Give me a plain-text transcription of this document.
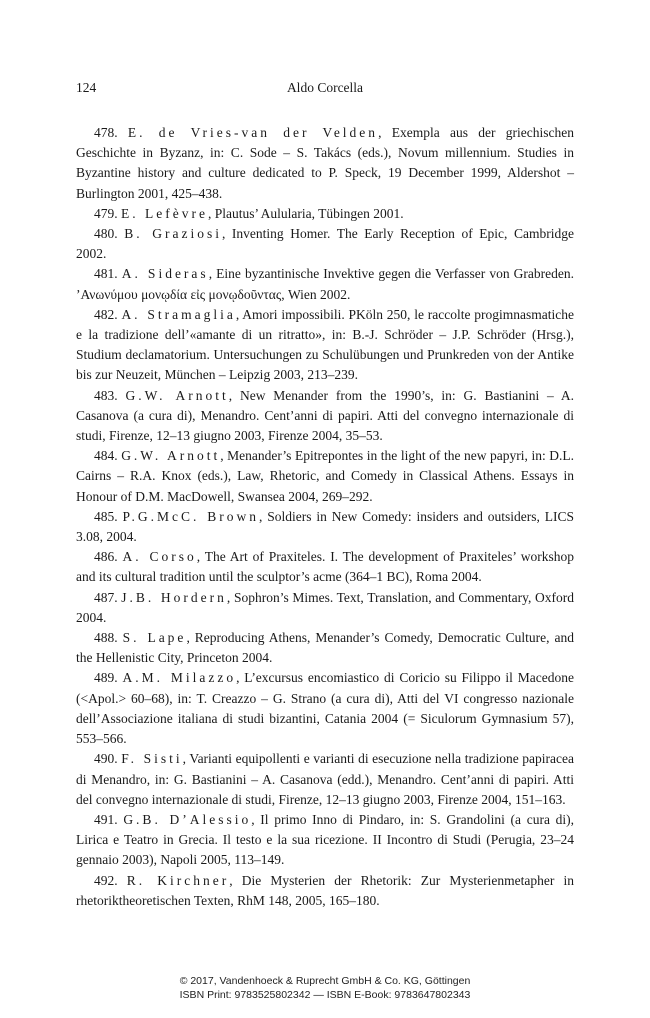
124	Aldo Corcella

478. E. de Vries-van der Velden, Exempla aus der griechischen Geschichte in Byzanz, in: C. Sode – S. Takács (eds.), Novum millennium. Studies in Byzantine history and culture dedicated to P. Speck, 19 December 1999, Aldershot – Burlington 2001, 425–438.

479. E. Lefèvre, Plautus’ Aulularia, Tübingen 2001.

480. B. Graziosi, Inventing Homer. The Early Reception of Epic, Cambridge 2002.

481. A. Sideras, Eine byzantinische Invektive gegen die Verfasser von Grabreden. ’Ανωνύμου μονῳδία εἰς μονῳδοῦντας, Wien 2002.

482. A. Stramaglia, Amori impossibili. PKöln 250, le raccolte progimnasmatiche e la tradizione dell’«amante di un ritratto», in: B.-J. Schröder – J.P. Schröder (Hrsg.), Studium declamatorium. Untersuchungen zu Schulübungen und Prunkreden von der Antike bis zur Neuzeit, München – Leipzig 2003, 213–239.

483. G.W. Arnott, New Menander from the 1990’s, in: G. Bastianini – A. Casanova (a cura di), Menandro. Cent’anni di papiri. Atti del convegno internazionale di studi, Firenze, 12–13 giugno 2003, Firenze 2004, 35–53.

484. G.W. Arnott, Menander’s Epitrepontes in the light of the new papyri, in: D.L. Cairns – R.A. Knox (eds.), Law, Rhetoric, and Comedy in Classical Athens. Essays in Honour of D.M. MacDowell, Swansea 2004, 269–292.

485. P.G.McC. Brown, Soldiers in New Comedy: insiders and outsiders, LICS 3.08, 2004.

486. A. Corso, The Art of Praxiteles. I. The development of Praxiteles’ workshop and its cultural tradition until the sculptor’s acme (364–1 BC), Roma 2004.

487. J.B. Hordern, Sophron’s Mimes. Text, Translation, and Commentary, Oxford 2004.

488. S. Lape, Reproducing Athens, Menander’s Comedy, Democratic Culture, and the Hellenistic City, Princeton 2004.

489. A.M. Milazzo, L’excursus encomiastico di Coricio su Filippo il Macedone (<Apol.> 60–68), in: T. Creazzo – G. Strano (a cura di), Atti del VI congresso nazionale dell’Associazione italiana di studi bizantini, Catania 2004 (= Siculorum Gymnasium 57), 553–566.

490. F. Sisti, Varianti equipollenti e varianti di esecuzione nella tradizione papiracea di Menandro, in: G. Bastianini – A. Casanova (edd.), Menandro. Cent’anni di papiri. Atti del convegno internazionale di studi, Firenze, 12–13 giugno 2003, Firenze 2004, 151–163.

491. G.B. D’Alessio, Il primo Inno di Pindaro, in: S. Grandolini (a cura di), Lirica e Teatro in Grecia. Il testo e la sua ricezione. II Incontro di Studi (Perugia, 23–24 gennaio 2003), Napoli 2005, 113–149.

492. R. Kirchner, Die Mysterien der Rhetorik: Zur Mysterienmetapher in rhetoriktheoretischen Texten, RhM 148, 2005, 165–180.

© 2017, Vandenhoeck & Ruprecht GmbH & Co. KG, Göttingen
ISBN Print: 9783525802342 — ISBN E-Book: 9783647802343
